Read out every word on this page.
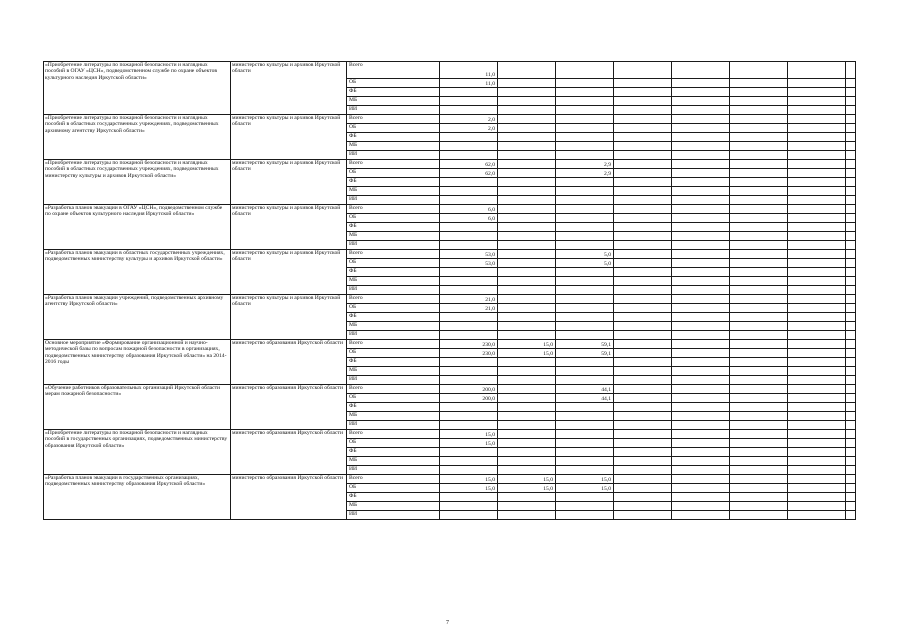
«Приобретение литературы по пожарной безопасности и наглядных пособий в ОГАУ «ЦСН», подведомственном службе по охране объектов культурного наследия Иркутской области»	министерство культуры и архивов Иркутской области	Всего	11,0								

		ОБ	11,0								
		ФБ									
		МБ									
		ИИ									
«Приобретение литературы по пожарной безопасности и наглядных пособий в областных государственных учреждениях, подведомственных архивному агентству Иркутской области»	министерство культуры и архивов Иркутской области	Всего	2,0								
		ОБ	2,0								
		ФБ									
		МБ									
		ИИ									
«Приобретение литературы по пожарной безопасности и наглядных пособий в областных государственных учреждениях, подведомственных министерству культуры и архивов Иркутской области»	министерство культуры и архивов Иркутской области	Всего	62,0		2,9						
		ОБ	62,0		2,9						
		ФБ									
		МБ									
		ИИ									
«Разработка планов эвакуации в ОГАУ «ЦСН», подведомственном службе по охране объектов культурного наследия Иркутской области»	министерство культуры и архивов Иркутской области	Всего	6,0								
		ОБ	6,0								
		ФБ									
		МБ									
		ИИ									
«Разработка планов эвакуации в областных государственных учреждениях, подведомственных министерству культуры и архивов Иркутской области»	министерство культуры и архивов Иркутской области	Всего	53,0		5,0						
		ОБ	53,0		5,0						
		ФБ									
		МБ									
		ИИ									
«Разработка планов эвакуации учреждений, подведомственных архивному агентству Иркутской области»	министерство культуры и архивов Иркутской области	Всего	21,0								
		ОБ	21,0								
		ФБ									
		МБ									
		ИИ									
Основное мероприятие «Формирование организационной и научно-методической базы по вопросам пожарной безопасности в организациях, подведомственных министерству образования Иркутской области» на 2014-2016 годы	министерство образования Иркутской области	Всего	230,0	15,0	59,1						
		ОБ	230,0	15,0	59,1						
		ФБ									
		МБ									
		ИИ									
«Обучение работников образовательных организаций Иркутской области мерам пожарной безопасности»	министерство образования Иркутской области	Всего	200,0		44,1						
		ОБ	200,0		44,1						
		ФБ									
		МБ									
		ИИ									
«Приобретение литературы по пожарной безопасности и наглядных пособий в государственных организациях, подведомственных министерству образования Иркутской области»	министерство образования Иркутской области	Всего	15,0								
		ОБ	15,0								
		ФБ									
		МБ									
		ИИ									
«Разработка планов эвакуации в государственных организациях, подведомственных министерству образования Иркутской области»	министерство образования Иркутской области	Всего	15,0	15,0	15,0						
		ОБ	15,0	15,0	15,0						
		ФБ									
		МБ									
		ИИ									
7
